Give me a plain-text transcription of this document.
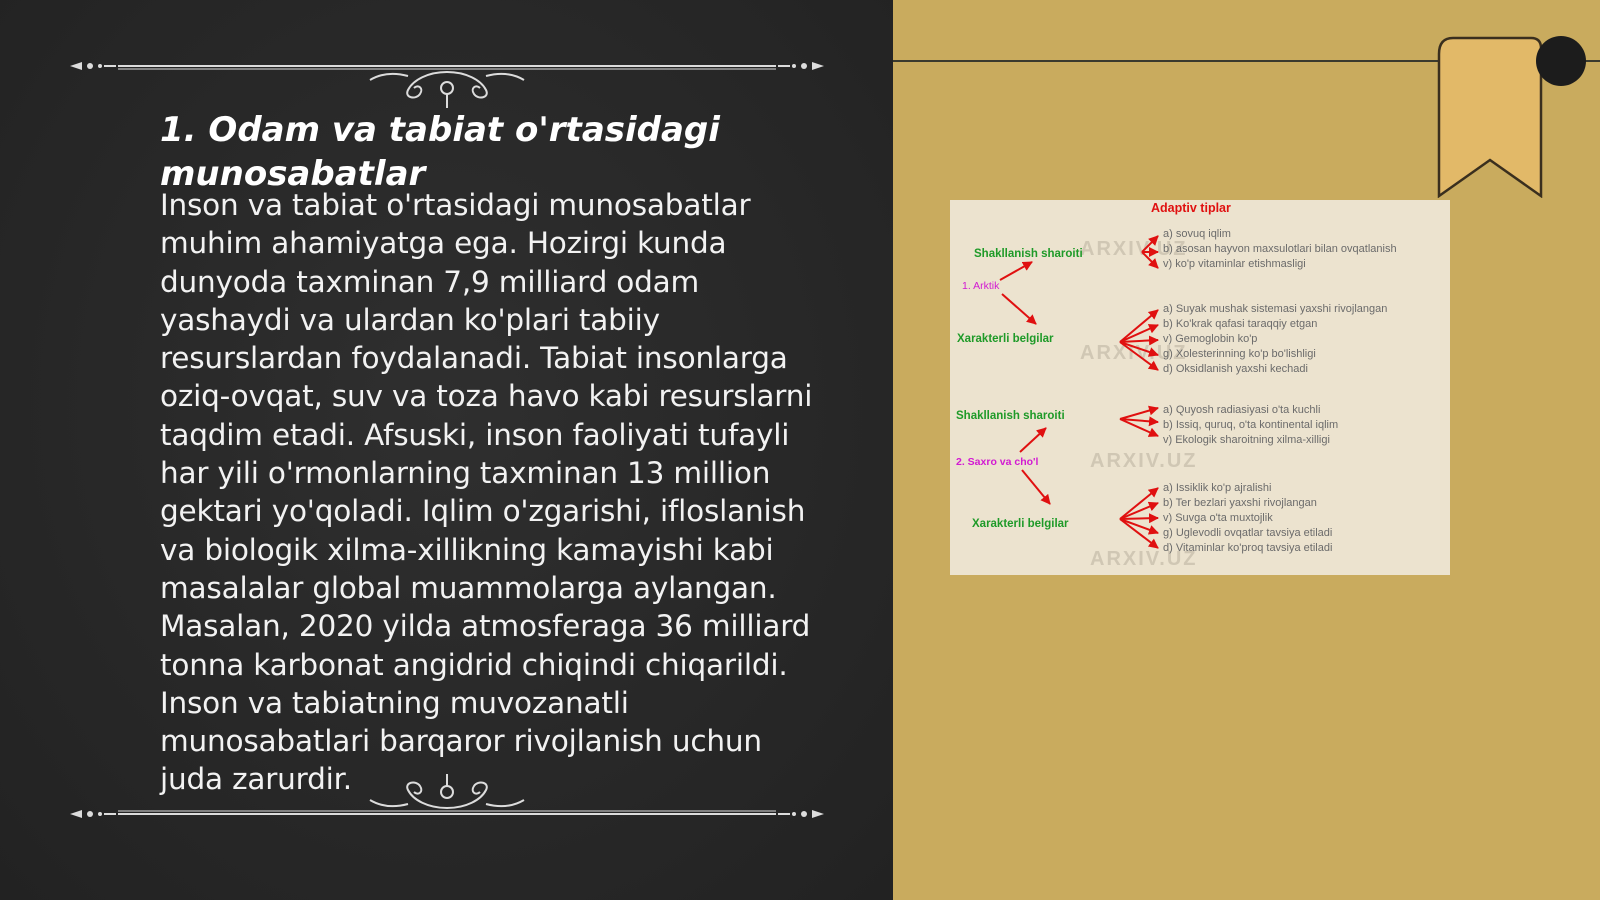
1. Odam va tabiat o'rtasidagi munosabatlar

Inson va tabiat o'rtasidagi munosabatlar muhim ahamiyatga ega. Hozirgi kunda dunyoda taxminan 7,9 milliard odam yashaydi va ulardan ko'plari tabiiy resurslardan foydalanadi. Tabiat insonlarga oziq-ovqat, suv va toza havo kabi resurslarni taqdim etadi. Afsuski, inson faoliyati tufayli har yili o'rmonlarning taxminan 13 million gektari yo'qoladi. Iqlim o'zgarishi, ifloslanish va biologik xilma-xillikning kamayishi kabi masalalar global muammolarga aylangan. Masalan, 2020 yilda atmosferaga 36 milliard tonna karbonat angidrid chiqindi chiqarildi. Inson va tabiatning muvozanatli munosabatlari barqaror rivojlanish uchun juda zarurdir.

ARXIV.UZ
ARXIV.UZ
ARXIV.UZ
ARXIV.UZ
Adaptiv tiplar
1. Arktik
Shakllanish sharoiti
Xarakterli belgilar
a) sovuq iqlim
b) asosan hayvon maxsulotlari bilan ovqatlanish
v) ko'p vitaminlar etishmasligi
a) Suyak mushak sistemasi yaxshi rivojlangan
b) Ko'krak qafasi taraqqiy etgan
v) Gemoglobin ko'p
g) Xolesterinning ko'p bo'lishligi
d) Oksidlanish yaxshi kechadi
2. Saxro va cho'l
Shakllanish sharoiti
Xarakterli belgilar
a) Quyosh radiasiyasi o'ta kuchli
b) Issiq, quruq, o'ta kontinental iqlim
v) Ekologik sharoitning xilma-xilligi
a) Issiklik ko'p ajralishi
b) Ter bezlari yaxshi rivojlangan
v) Suvga o'ta muxtojlik
g) Uglevodli ovqatlar tavsiya etiladi
d) Vitaminlar ko'proq tavsiya etiladi
